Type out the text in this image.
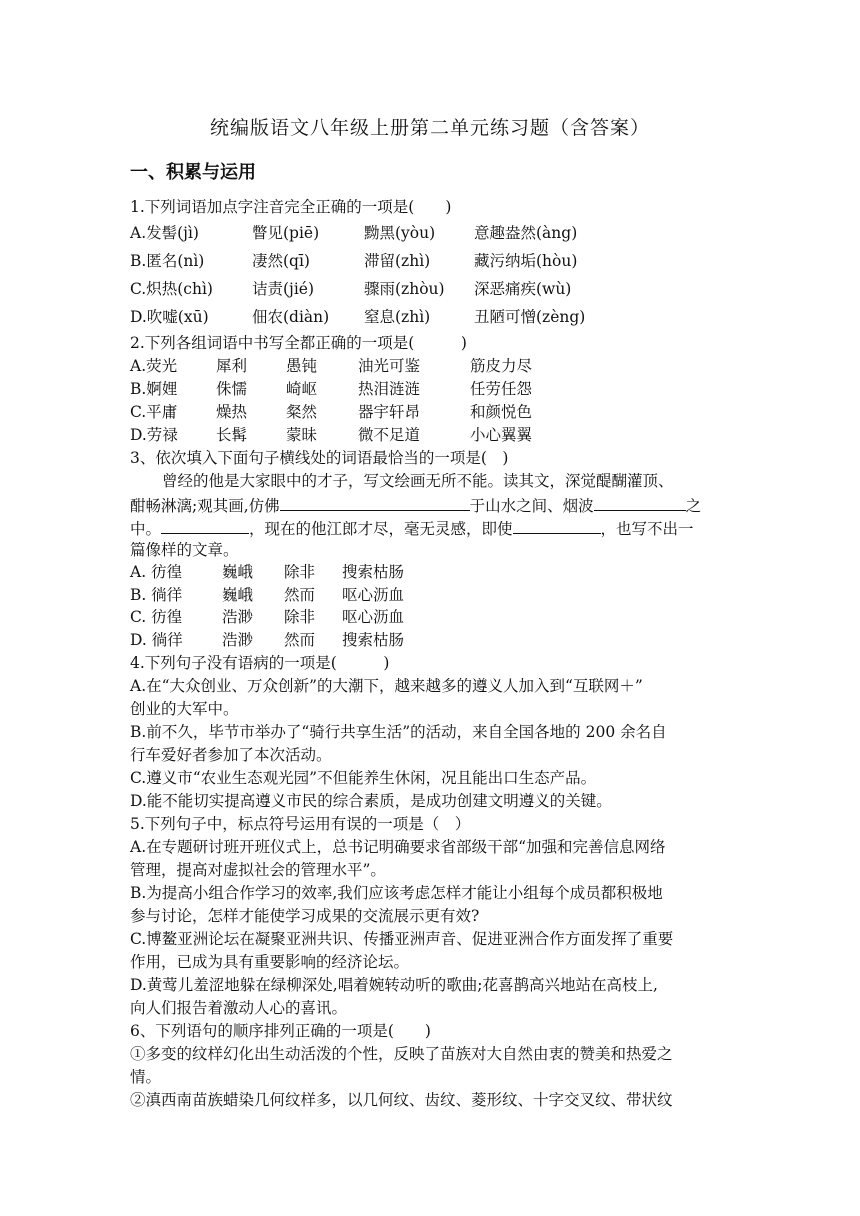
统编版语文八年级上册第二单元练习题（含答案）
一、积累与运用
1.下列词语加点字注音完全正确的一项是(　　)
A.发髻(jì)	瞥见(piē)	黝黑(yòu)	意趣盎然(àng)
B.匿名(nì)	凄然(qī)	滞留(zhì)	藏污纳垢(hòu)
C.炽热(chì)	诘责(jié)	骤雨(zhòu)	深恶痛疾(wù)
D.吹嘘(xū)	佃农(diàn)	窒息(zhì)	丑陋可憎(zèng)
2.下列各组词语中书写全都正确的一项是(　　　)
A.荧光	犀利	愚钝	油光可鉴	筋皮力尽
B.婀娌 侏懦	崎岖	热泪涟涟	任劳任怨
C.平庸	燥热	粲然	器宇轩昂	和颜悦色
D.劳禄 长髯	蒙昧	微不足道	小心翼翼
3、依次填入下面句子横线处的词语最恰当的一项是(　)
曾经的他是大家眼中的才子，写文绘画无所不能。读其文，深觉醍醐灌顶、
酣畅淋漓;观其画,仿佛	于山水之间、烟波	之
中。	，现在的他江郎才尽，毫无灵感，即使	，也写不出一
篇像样的文章。
A. 彷徨	巍峨 除非 搜索枯肠
B. 徜徉	巍峨 然而 呕心沥血
C. 彷徨	浩渺 除非 呕心沥血
D. 徜徉	浩渺 然而 搜索枯肠
4.下列句子没有语病的一项是(　　　)
A.在“大众创业、万众创新”的大潮下，越来越多的遵义人加入到“互联网＋”
创业的大军中。
B.前不久，毕节市举办了“骑行共享生活”的活动，来自全国各地的 200 余名自
行车爱好者参加了本次活动。
C.遵义市“农业生态观光园”不但能养生休闲，况且能出口生态产品。
D.能不能切实提高遵义市民的综合素质，是成功创建文明遵义的关键。
5.下列句子中，标点符号运用有误的一项是（　）
A.在专题研讨班开班仪式上，总书记明确要求省部级干部“加强和完善信息网络
管理，提高对虚拟社会的管理水平”。
B.为提高小组合作学习的效率,我们应该考虑怎样才能让小组每个成员都积极地
参与讨论，怎样才能使学习成果的交流展示更有效?
C.博鳌亚洲论坛在凝聚亚洲共识、传播亚洲声音、促进亚洲合作方面发挥了重要
作用，已成为具有重要影响的经济论坛。
D.黄莺儿羞涩地躲在绿柳深处,唱着婉转动听的歌曲;花喜鹊高兴地站在高枝上,
向人们报告着激动人心的喜讯。
6、下列语句的顺序排列正确的一项是(　　)
①多变的纹样幻化出生动活泼的个性，反映了苗族对大自然由衷的赞美和热爱之
情。
②滇西南苗族蜡染几何纹样多，以几何纹、齿纹、菱形纹、十字交叉纹、带状纹
